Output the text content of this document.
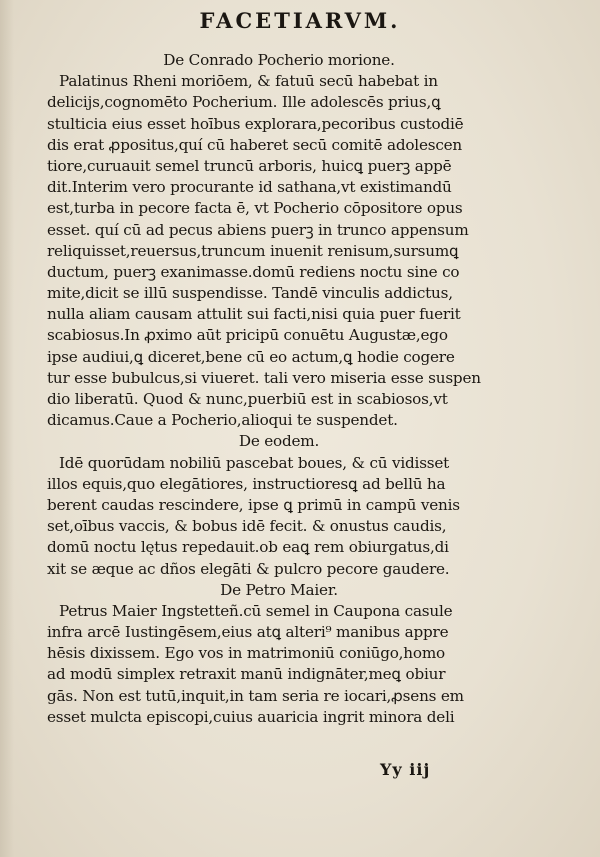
FACETIARVM.
De Conrado Pocherio morione.
Palatinus Rheni moriōem, & fatuū secū habebat in
delicijs,cognomēto Pocherium. Ille adolescēs prius,ꝗ
stulticia eius esset hoībus explorara,pecoribus custodiē
dis erat ꝓpositus,quí cū haberet secū comitē adolescen
tiore,curuauit semel truncū arboris, huicꝗ puerꝫ appē
dit.Interim vero procurante id sathana,vt existimandū
est,turba in pecore facta ē, vt Pocherio cōpositore opus
esset. quí cū ad pecus abiens puerꝫ in trunco appensum
reliquisset,reuersus,truncum inuenit renisum,sursumꝗ
ductum, puerꝫ exanimasse.domū rediens noctu sine co
mite,dicit se illū suspendisse. Tandē vinculis addictus,
nulla aliam causam attulit sui facti,nisi quia puer fuerit
scabiosus.In ꝓximo aūt pricipū conuētu Augustæ,ego
ipse audiui,ꝗ diceret,bene cū eo actum,ꝗ hodie cogere
tur esse bubulcus,si viueret. tali vero miseria esse suspen
dio liberatū. Quod & nunc,puerbiū est in scabiosos,vt
dicamus.Caue a Pocherio,alioqui te suspendet.
De eodem.
Idē quorūdam nobiliū pascebat boues, & cū vidisset
illos equis,quo elegātiores, instructioresꝗ ad bellū ha
berent caudas rescindere, ipse ꝗ primū in campū venis
set,oībus vaccis, & bobus idē fecit. & onustus caudis,
domū noctu lętus repedauit.ob eaꝗ rem obiurgatus,di
xit se æque ac dños elegāti & pulcro pecore gaudere.
De Petro Maier.
Petrus Maier Ingstetteñ.cū semel in Caupona casule
infra arcē Iustingēsem,eius atꝗ alteri⁹ manibus appre
hēsis dixissem. Ego vos in matrimoniū coniūgo,homo
ad modū simplex retraxit manū indignāter,meꝗ obiur
gās. Non est tutū,inquit,in tam seria re iocari,ꝓsens em
esset mulcta episcopi,cuius auaricia ingrit minora deli
Yy iij
